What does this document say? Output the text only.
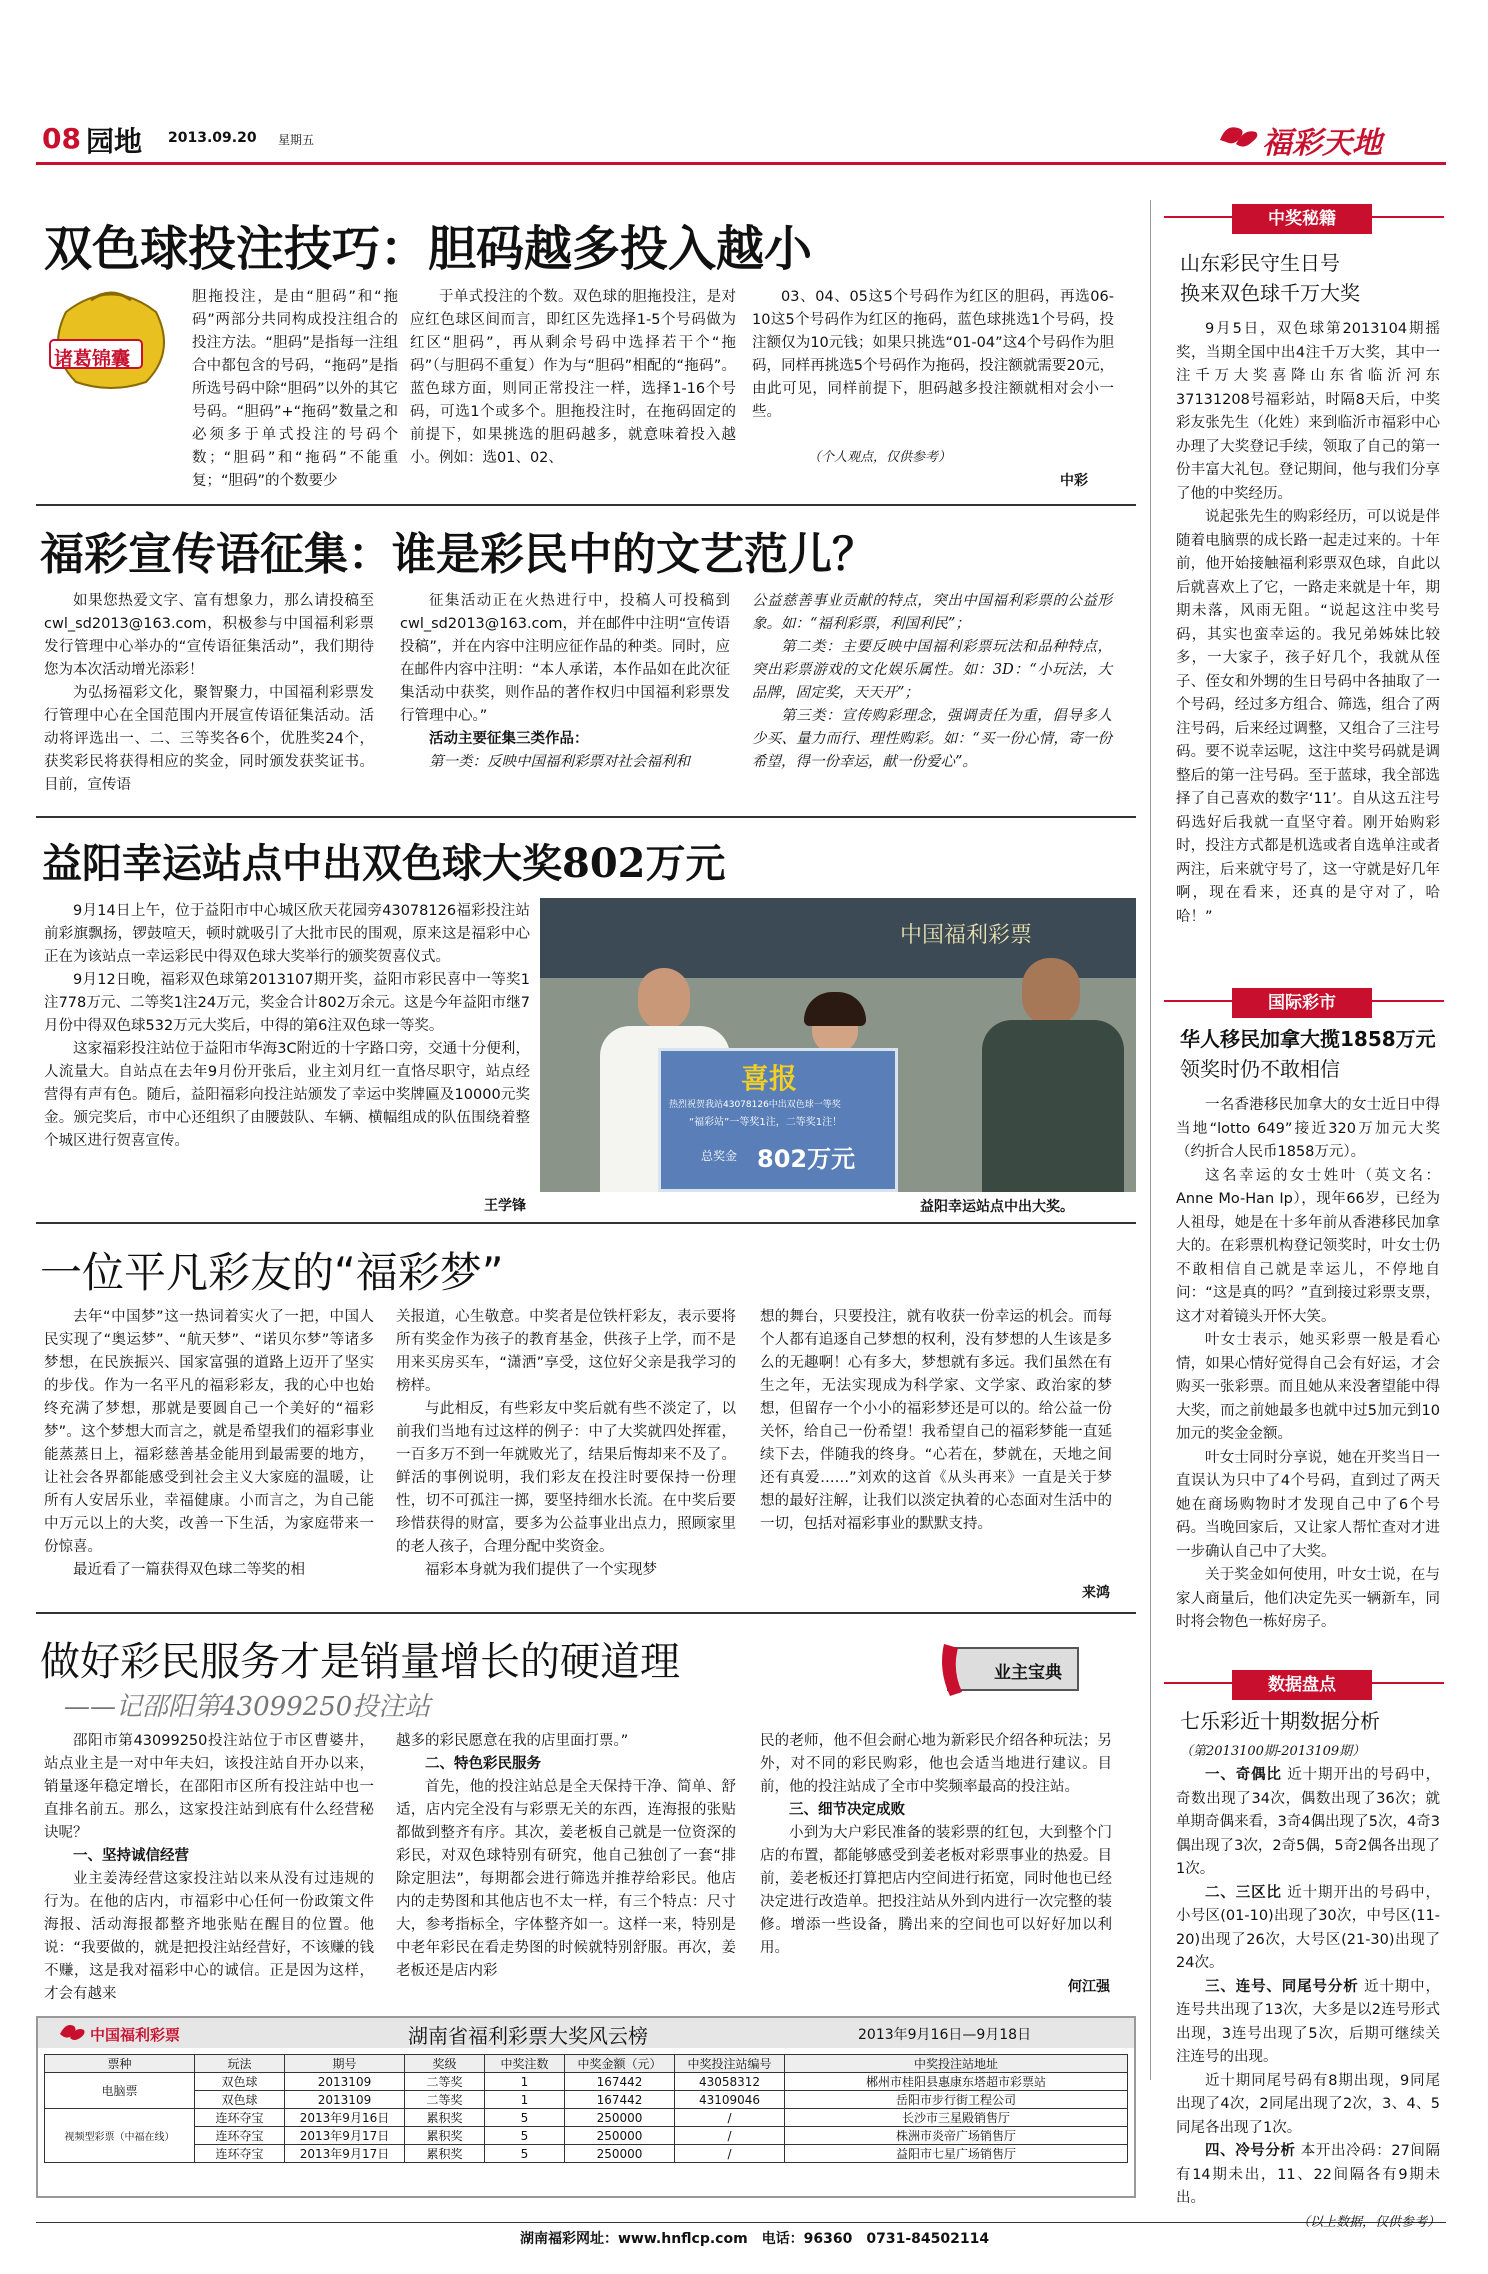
08 园地 2013.09.20 星期五	福彩天地
双色球投注技巧：胆码越多投入越小
诸葛锦囊

胆拖投注，是由“胆码”和“拖码”两部分共同构成投注组合的投注方法。“胆码”是指每一注组合中都包含的号码，“拖码”是指所选号码中除“胆码”以外的其它号码。“胆码”+“拖码”数量之和必须多于单式投注的号码个数；“胆码”和“拖码”不能重复；“胆码”的个数要少

于单式投注的个数。双色球的胆拖投注，是对应红色球区间而言，即红区先选择1-5个号码做为红区“胆码”，再从剩余号码中选择若干个“拖码”（与胆码不重复）作为与“胆码”相配的“拖码”。蓝色球方面，则同正常投注一样，选择1-16个号码，可选1个或多个。胆拖投注时，在拖码固定的前提下，如果挑选的胆码越多，就意味着投入越小。例如：选01、02、

03、04、05这5个号码作为红区的胆码，再选06-10这5个号码作为红区的拖码，蓝色球挑选1个号码，投注额仅为10元钱；如果只挑选“01-04”这4个号码作为胆码，同样再挑选5个号码作为拖码，投注额就需要20元，由此可见，同样前提下，胆码越多投注额就相对会小一些。

（个人观点，仅供参考）
中彩
福彩宣传语征集：谁是彩民中的文艺范儿？

如果您热爱文字、富有想象力，那么请投稿至cwl_sd2013@163.com，积极参与中国福利彩票发行管理中心举办的“宣传语征集活动”，我们期待您为本次活动增光添彩！

为弘扬福彩文化，聚智聚力，中国福利彩票发行管理中心在全国范围内开展宣传语征集活动。活动将评选出一、二、三等奖各6个，优胜奖24个，获奖彩民将获得相应的奖金，同时颁发获奖证书。目前，宣传语

征集活动正在火热进行中，投稿人可投稿到cwl_sd2013@163.com，并在邮件中注明“宣传语投稿”，并在内容中注明应征作品的种类。同时，应在邮件内容中注明：“本人承诺，本作品如在此次征集活动中获奖，则作品的著作权归中国福利彩票发行管理中心。”

活动主要征集三类作品：

第一类：反映中国福利彩票对社会福利和

公益慈善事业贡献的特点，突出中国福利彩票的公益形象。如：“福利彩票，利国利民”；

第二类：主要反映中国福利彩票玩法和品种特点，突出彩票游戏的文化娱乐属性。如：3D：“小玩法，大品牌，固定奖，天天开”；

第三类：宣传购彩理念，强调责任为重，倡导多人少买、量力而行、理性购彩。如：“买一份心情，寄一份希望，得一份幸运，献一份爱心”。

益阳幸运站点中出双色球大奖802万元

9月14日上午，位于益阳市中心城区欣天花园旁43078126福彩投注站前彩旗飘扬，锣鼓喧天，顿时就吸引了大批市民的围观，原来这是福彩中心正在为该站点一幸运彩民中得双色球大奖举行的颁奖贺喜仪式。

9月12日晚，福彩双色球第2013107期开奖，益阳市彩民喜中一等奖1注778万元、二等奖1注24万元，奖金合计802万余元。这是今年益阳市继7月份中得双色球532万元大奖后，中得的第6注双色球一等奖。

这家福彩投注站位于益阳市华海3C附近的十字路口旁，交通十分便利，人流量大。自站点在去年9月份开张后，业主刘月红一直恪尽职守，站点经营得有声有色。随后，益阳福彩向投注站颁发了幸运中奖牌匾及10000元奖金。颁完奖后，市中心还组织了由腰鼓队、车辆、横幅组成的队伍围绕着整个城区进行贺喜宣传。

王学锋
中国福利彩票
喜报
热烈祝贺我站43078126中出双色球一等奖
“福彩站”一等奖1注，二等奖1注！
总奖金 802万元
益阳幸运站点中出大奖。
一位平凡彩友的“福彩梦”

去年“中国梦”这一热词着实火了一把，中国人民实现了“奥运梦”、“航天梦”、“诺贝尔梦”等诸多梦想，在民族振兴、国家富强的道路上迈开了坚实的步伐。作为一名平凡的福彩彩友，我的心中也始终充满了梦想，那就是要圆自己一个美好的“福彩梦”。这个梦想大而言之，就是希望我们的福彩事业能蒸蒸日上，福彩慈善基金能用到最需要的地方，让社会各界都能感受到社会主义大家庭的温暖，让所有人安居乐业，幸福健康。小而言之，为自己能中万元以上的大奖，改善一下生活，为家庭带来一份惊喜。

最近看了一篇获得双色球二等奖的相

关报道，心生敬意。中奖者是位铁杆彩友，表示要将所有奖金作为孩子的教育基金，供孩子上学，而不是用来买房买车，“潇洒”享受，这位好父亲是我学习的榜样。

与此相反，有些彩友中奖后就有些不淡定了，以前我们当地有过这样的例子：中了大奖就四处挥霍，一百多万不到一年就败光了，结果后悔却来不及了。鲜活的事例说明，我们彩友在投注时要保持一份理性，切不可孤注一掷，要坚持细水长流。在中奖后要珍惜获得的财富，要多为公益事业出点力，照顾家里的老人孩子，合理分配中奖资金。

福彩本身就为我们提供了一个实现梦

想的舞台，只要投注，就有收获一份幸运的机会。而每个人都有追逐自己梦想的权利，没有梦想的人生该是多么的无趣啊！心有多大，梦想就有多远。我们虽然在有生之年，无法实现成为科学家、文学家、政治家的梦想，但留存一个小小的福彩梦还是可以的。给公益一份关怀，给自己一份希望！我希望自己的福彩梦能一直延续下去，伴随我的终身。“心若在，梦就在，天地之间还有真爱……”刘欢的这首《从头再来》一直是关于梦想的最好注解，让我们以淡定执着的心态面对生活中的一切，包括对福彩事业的默默支持。

来鸿
做好彩民服务才是销量增长的硬道理
——记邵阳第43099250投注站
业主宝典

邵阳市第43099250投注站位于市区曹婆井，站点业主是一对中年夫妇，该投注站自开办以来，销量逐年稳定增长，在邵阳市区所有投注站中也一直排名前五。那么，这家投注站到底有什么经营秘诀呢？

一、坚持诚信经营

业主姜涛经营这家投注站以来从没有过违规的行为。在他的店内，市福彩中心任何一份政策文件海报、活动海报都整齐地张贴在醒目的位置。他说：“我要做的，就是把投注站经营好，不该赚的钱不赚，这是我对福彩中心的诚信。正是因为这样，才会有越来

越多的彩民愿意在我的店里面打票。”

二、特色彩民服务

首先，他的投注站总是全天保持干净、简单、舒适，店内完全没有与彩票无关的东西，连海报的张贴都做到整齐有序。其次，姜老板自己就是一位资深的彩民，对双色球特别有研究，他自己独创了一套“排除定胆法”，每期都会进行筛选并推荐给彩民。他店内的走势图和其他店也不太一样，有三个特点：尺寸大，参考指标全，字体整齐如一。这样一来，特别是中老年彩民在看走势图的时候就特别舒服。再次，姜老板还是店内彩

民的老师，他不但会耐心地为新彩民介绍各种玩法；另外，对不同的彩民购彩，他也会适当地进行建议。目前，他的投注站成了全市中奖频率最高的投注站。

三、细节决定成败

小到为大户彩民准备的装彩票的红包，大到整个门店的布置，都能够感受到姜老板对彩票事业的热爱。目前，姜老板还打算把店内空间进行拓宽，同时他也已经决定进行改造单。把投注站从外到内进行一次完整的装修。增添一些设备，腾出来的空间也可以好好加以利用。

何江强
中国福利彩票	湖南省福利彩票大奖风云榜	2013年9月16日—9月18日
票种	玩法	期号	奖级	中奖注数	中奖金额（元）	中奖投注站编号	中奖投注站地址
电脑票	双色球	2013109	二等奖	1	167442	43058312	郴州市桂阳县惠康东塔超市彩票站
	双色球	2013109	二等奖	1	167442	43109046	岳阳市步行街工程公司
视频型彩票（中福在线）	连环夺宝	2013年9月16日	累积奖	5	250000	/	长沙市三星殿销售厅
	连环夺宝	2013年9月17日	累积奖	5	250000	/	株洲市炎帝广场销售厅
	连环夺宝	2013年9月17日	累积奖	5	250000	/	益阳市七星广场销售厅
湖南福彩网址：www.hnflcp.com　电话：96360　0731-84502114
中奖秘籍
山东彩民守生日号
换来双色球千万大奖

9月5日，双色球第2013104期摇奖，当期全国中出4注千万大奖，其中一注千万大奖喜降山东省临沂河东37131208号福彩站，时隔8天后，中奖彩友张先生（化姓）来到临沂市福彩中心办理了大奖登记手续，领取了自己的第一份丰富大礼包。登记期间，他与我们分享了他的中奖经历。

说起张先生的购彩经历，可以说是伴随着电脑票的成长路一起走过来的。十年前，他开始接触福利彩票双色球，自此以后就喜欢上了它，一路走来就是十年，期期未落，风雨无阻。“说起这注中奖号码，其实也蛮幸运的。我兄弟姊妹比较多，一大家子，孩子好几个，我就从侄子、侄女和外甥的生日号码中各抽取了一个号码，经过多方组合、筛选，组合了两注号码，后来经过调整，又组合了三注号码。要不说幸运呢，这注中奖号码就是调整后的第一注号码。至于蓝球，我全部选择了自己喜欢的数字‘11’。自从这五注号码选好后我就一直坚守着。刚开始购彩时，投注方式都是机选或者自选单注或者两注，后来就守号了，这一守就是好几年啊，现在看来，还真的是守对了，哈哈！”

国际彩市
华人移民加拿大揽1858万元
领奖时仍不敢相信

一名香港移民加拿大的女士近日中得当地“lotto 649”接近320万加元大奖（约折合人民币1858万元）。

这名幸运的女士姓叶（英文名：Anne Mo-Han Ip），现年66岁，已经为人祖母，她是在十多年前从香港移民加拿大的。在彩票机构登记领奖时，叶女士仍不敢相信自己就是幸运儿，不停地自问：“这是真的吗？”直到接过彩票支票，这才对着镜头开怀大笑。

叶女士表示，她买彩票一般是看心情，如果心情好觉得自己会有好运，才会购买一张彩票。而且她从来没奢望能中得大奖，而之前她最多也就中过5加元到10加元的奖金金额。

叶女士同时分享说，她在开奖当日一直误认为只中了4个号码，直到过了两天她在商场购物时才发现自己中了6个号码。当晚回家后，又让家人帮忙查对才进一步确认自己中了大奖。

关于奖金如何使用，叶女士说，在与家人商量后，他们决定先买一辆新车，同时将会物色一栋好房子。

数据盘点
七乐彩近十期数据分析
（第2013100期-2013109期）

一、奇偶比 近十期开出的号码中，奇数出现了34次，偶数出现了36次；就单期奇偶来看，3奇4偶出现了5次，4奇3偶出现了3次，2奇5偶，5奇2偶各出现了1次。

二、三区比 近十期开出的号码中，小号区(01-10)出现了30次，中号区(11-20)出现了26次，大号区(21-30)出现了24次。

三、连号、同尾号分析 近十期中，连号共出现了13次，大多是以2连号形式出现，3连号出现了5次，后期可继续关注连号的出现。

近十期同尾号码有8期出现，9同尾出现了4次，2同尾出现了2次，3、4、5同尾各出现了1次。

四、冷号分析 本开出冷码：27间隔有14期未出，11、22间隔各有9期未出。

（以上数据，仅供参考）
